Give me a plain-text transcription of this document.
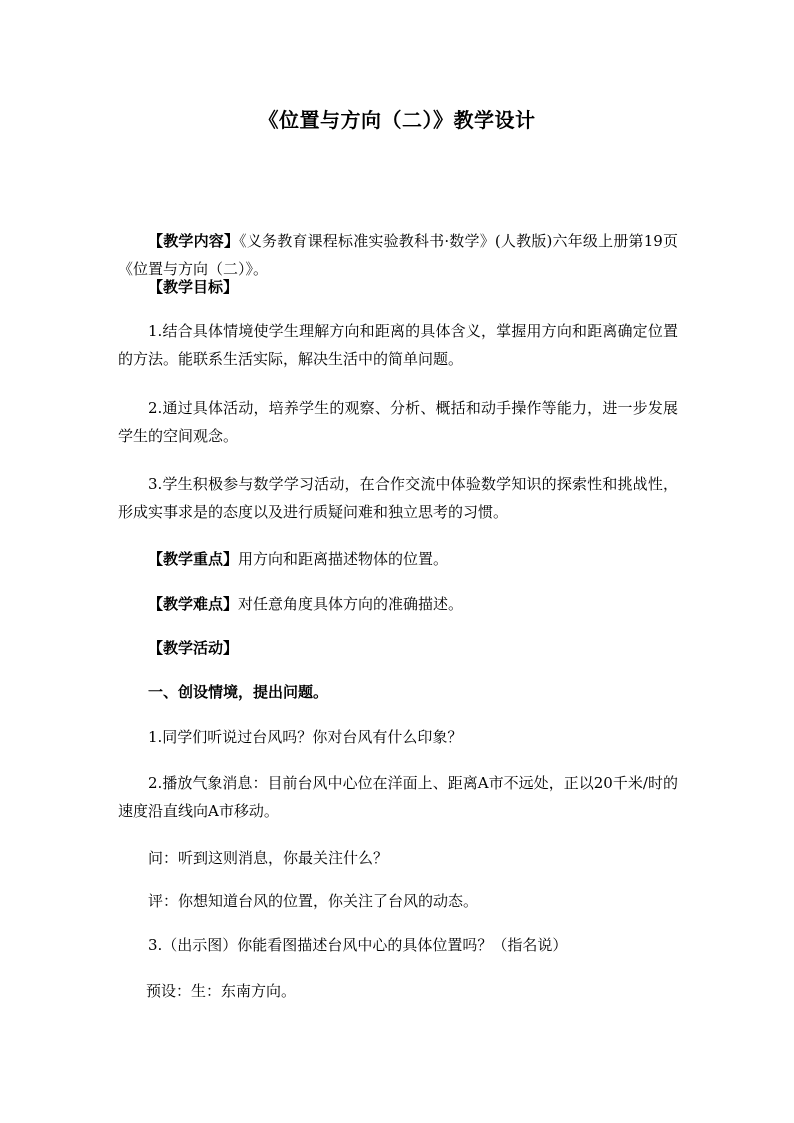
《位置与方向（二）》教学设计

【教学内容】《义务教育课程标准实验教科书·数学》(人教版)六年级上册第19页《位置与方向（二）》。

【教学目标】

1.结合具体情境使学生理解方向和距离的具体含义，掌握用方向和距离确定位置的方法。能联系生活实际，解决生活中的简单问题。

2.通过具体活动，培养学生的观察、分析、概括和动手操作等能力，进一步发展学生的空间观念。

3.学生积极参与数学学习活动，在合作交流中体验数学知识的探索性和挑战性，形成实事求是的态度以及进行质疑问难和独立思考的习惯。

【教学重点】用方向和距离描述物体的位置。

【教学难点】对任意角度具体方向的准确描述。

【教学活动】

一、创设情境，提出问题。

1.同学们听说过台风吗？你对台风有什么印象？

2.播放气象消息：目前台风中心位在洋面上、距离A市不远处，正以20千米/时的速度沿直线向A市移动。

问：听到这则消息，你最关注什么？

评：你想知道台风的位置，你关注了台风的动态。

3.（出示图）你能看图描述台风中心的具体位置吗？（指名说）

预设：生：东南方向。
